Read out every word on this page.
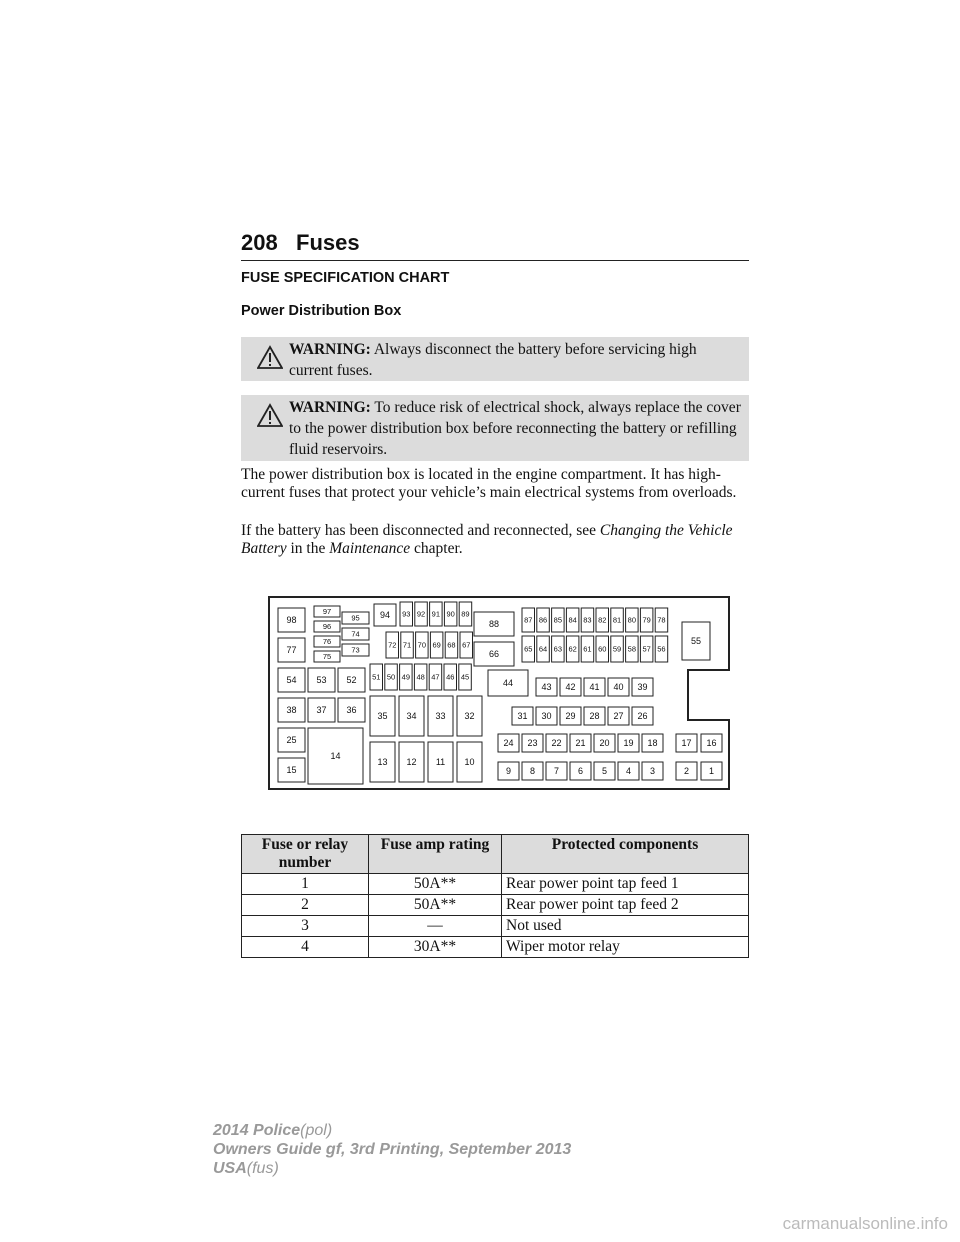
208 Fuses
FUSE SPECIFICATION CHART
Power Distribution Box
WARNING: Always disconnect the battery before servicing high current fuses.
WARNING: To reduce risk of electrical shock, always replace the cover to the power distribution box before reconnecting the battery or refilling fluid reservoirs.
The power distribution box is located in the engine compartment. It has high-current fuses that protect your vehicle’s main electrical systems from overloads.
If the battery has been disconnected and reconnected, see Changing the Vehicle Battery in the Maintenance chapter.
98
77
54
38
25
15
97
96
76
75
95
74
73
53 52
37 36
14
94 93 92 91 90 89
72 71 70 69 68 67
51 50 49 48 47 46 45
35 34 33 32
13 12 11 10
88
66
44
87 86 85 84 83 82 81 80 79 78
65 64 63 62 61 60 59 58 57 56
55
43 42 41 40 39
31 30 29 28 27 26
24 23 22 21 20 19 18
9 8 7 6 5 4 3
17 16
2 1
Fuse or relay number	Fuse amp rating	Protected components
1	50A**	Rear power point tap feed 1
2	50A**	Rear power point tap feed 2
3	—	Not used
4	30A**	Wiper motor relay
2014 Police(pol)
Owners Guide gf, 3rd Printing, September 2013
USA(fus)
carmanualsonline.info
